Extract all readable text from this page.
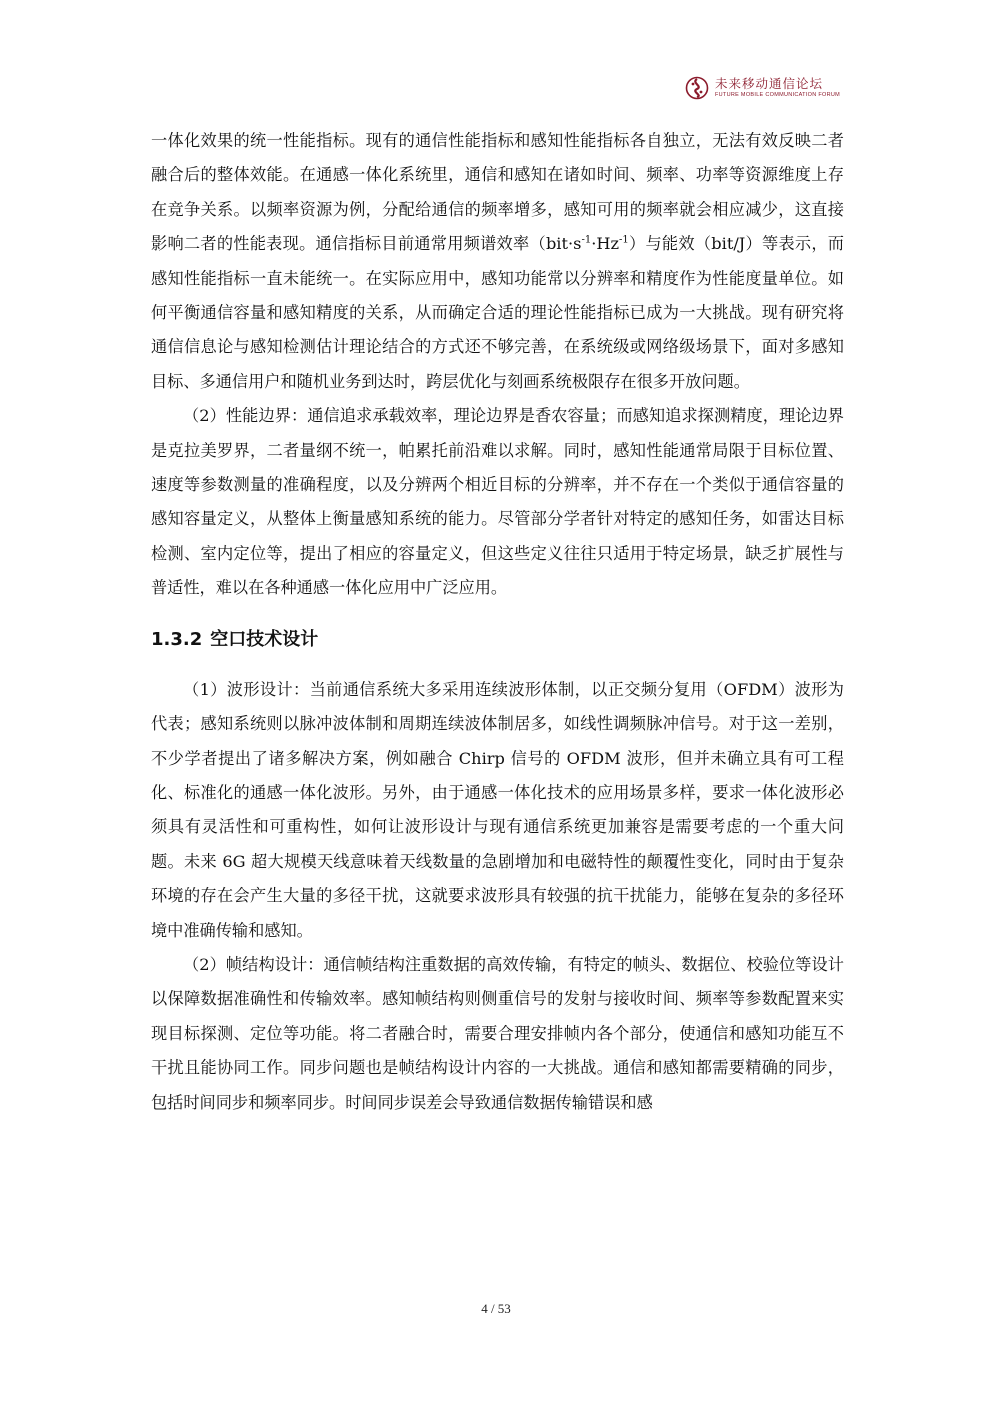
未来移动通信论坛
FUTURE MOBILE COMMUNICATION FORUM

一体化效果的统一性能指标。现有的通信性能指标和感知性能指标各自独立，无法有效反映二者融合后的整体效能。在通感一体化系统里，通信和感知在诸如时间、频率、功率等资源维度上存在竞争关系。以频率资源为例，分配给通信的频率增多，感知可用的频率就会相应减少，这直接影响二者的性能表现。通信指标目前通常用频谱效率$(bit\cdot s^{-1}\cdot Hz^{-1})$与能效（bit/J）等表示，而感知性能指标一直未能统一。在实际应用中，感知功能常以分辨率和精度作为性能度量单位。如何平衡通信容量和感知精度的关系，从而确定合适的理论性能指标已成为一大挑战。现有研究将通信信息论与感知检测估计理论结合的方式还不够完善，在系统级或网络级场景下，面对多感知目标、多通信用户和随机业务到达时，跨层优化与刻画系统极限存在很多开放问题。

（2）性能边界：通信追求承载效率，理论边界是香农容量；而感知追求探测精度，理论边界是克拉美罗界，二者量纲不统一，帕累托前沿难以求解。同时，感知性能通常局限于目标位置、速度等参数测量的准确程度，以及分辨两个相近目标的分辨率，并不存在一个类似于通信容量的感知容量定义，从整体上衡量感知系统的能力。尽管部分学者针对特定的感知任务，如雷达目标检测、室内定位等，提出了相应的容量定义，但这些定义往往只适用于特定场景，缺乏扩展性与普适性，难以在各种通感一体化应用中广泛应用。

1.3.2 空口技术设计

（1）波形设计：当前通信系统大多采用连续波形体制，以正交频分复用（OFDM）波形为代表；感知系统则以脉冲波体制和周期连续波体制居多，如线性调频脉冲信号。对于这一差别，不少学者提出了诸多解决方案，例如融合 Chirp 信号的 OFDM 波形，但并未确立具有可工程化、标准化的通感一体化波形。另外，由于通感一体化技术的应用场景多样，要求一体化波形必须具有灵活性和可重构性，如何让波形设计与现有通信系统更加兼容是需要考虑的一个重大问题。未来 6G 超大规模天线意味着天线数量的急剧增加和电磁特性的颠覆性变化，同时由于复杂环境的存在会产生大量的多径干扰，这就要求波形具有较强的抗干扰能力，能够在复杂的多径环境中准确传输和感知。

（2）帧结构设计：通信帧结构注重数据的高效传输，有特定的帧头、数据位、校验位等设计以保障数据准确性和传输效率。感知帧结构则侧重信号的发射与接收时间、频率等参数配置来实现目标探测、定位等功能。将二者融合时，需要合理安排帧内各个部分，使通信和感知功能互不干扰且能协同工作。同步问题也是帧结构设计内容的一大挑战。通信和感知都需要精确的同步，包括时间同步和频率同步。时间同步误差会导致通信数据传输错误和感

4 / 53
